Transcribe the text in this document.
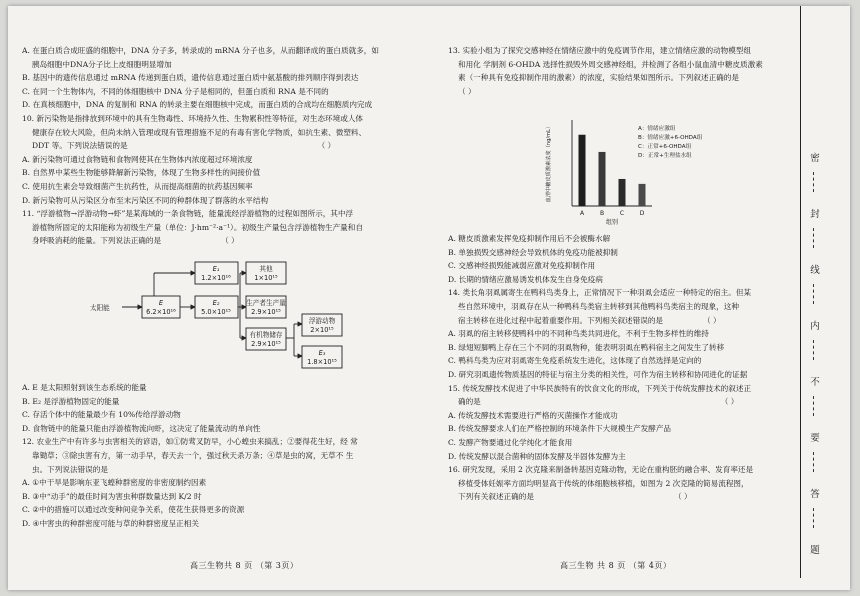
A. 在蛋白质合成旺盛的细胞中，DNA 分子多，转录成的 mRNA 分子也多，从而翻译成的蛋白质就多，如
胰岛细胞中DNA分子比上皮细胞明显增加
B. 基因中的遗传信息通过 mRNA 传递到蛋白质，遗传信息通过蛋白质中氨基酸的排列顺序得到表达
C. 在同一个生物体内，不同的体细胞核中 DNA 分子是相同的，但蛋白质和 RNA 是不同的
D. 在真核细胞中，DNA 的复制和 RNA 的转录主要在细胞核中完成，而蛋白质的合成均在细胞质内完成
10. 新污染物是指排放到环境中的具有生物毒性、环境持久性、生物累积性等特征，对生态环境或人体
健康存在较大风险，但尚未纳入管理或现有管理措施不足的有毒有害化学物质，如抗生素、微塑料、
DDT 等。下列说法错误的是	（ ）
A. 新污染物可通过食物链和食物网使其在生物体内浓度超过环境浓度
B. 自然界中某些生物能够降解新污染物，体现了生物多样性的间接价值
C. 使用抗生素会导致细菌产生抗药性，从而提高细菌的抗药基因频率
D. 新污染物可从污染区分布至末污染区不同的种群体现了群落的水平结构
11. “浮游植物→浮游动物→虾”是某海域的一条食物链，能量流经浮游植物的过程如图所示，其中浮
游植物所固定的太阳能称为初级生产量（单位：J·hm⁻²·a⁻¹）。初级生产量包含浮游植物生产量和自
身呼吸消耗的能量。下列说法正确的是	（ ）
太阳能
E
6.2×10¹⁶
E₁
1.2×10¹⁶
E₂
5.0×10¹⁵
其他
1×10¹⁵
生产者生产量
2.9×10¹⁵
有机物储存
2.9×10¹⁵
浮游动物
2×10¹⁵
E₃
1.8×10¹⁵
A. E 是太阳照射到该生态系统的能量
B. E₂ 是浮游植物固定的能量
C. 存活个体中的能量最少有 10%传给浮游动物
D. 食物链中的能量只能由浮游植物流向虾，这决定了能量流动的单向性
12. 农业生产中有许多与虫害相关的谚语，如①防莺叉防早，小心蝗虫来搞乱；②要得花生好，经 常
靠锄草；③除虫害有方，第一动手早，春天去一个，强过秋天杀万条；④草是虫的窝，无草不 生
虫。下列说法错误的是
A. ①中干旱是影响东亚飞蝗种群密度的非密度制约因素
B. ③中“动手”的最佳时间为害虫种群数量达到 K/2 时
C. ②中的措施可以通过改变种间竞争关系，使花生获得更多的资源
D. ④中害虫的种群密度可能与草的种群密度呈正相关
高三生物共 8 页 （第 3页）
13. 实验小组为了探究交感神经在情绪应激中的免疫调节作用，建立情绪应激的动物模型组
和用化 学制剂 6-OHDA 选择性损毁外周交感神经组，并检测了各组小鼠血清中糖皮质激素
素（一种具有免疫抑制作用的激素）的浓度，实验结果如图所示。下列叙述正确的是
（ ）
A	B	C	D
组别
血清中糖皮质激素浓度（ng/mL）	A：情绪应激组
B：情绪应激+6-OHDA组
C：正常+6-OHDA组
D：正常+生理盐水组
A. 糖皮质激素发挥免疫抑制作用后不会被酶水解
B. 单独损毁交感神经会导致机体的免疫功能被抑制
C. 交感神经损毁能减弱应激对免疫抑制作用
D. 长期的情绪应激易诱发机体发生自身免疫病
14. 类长角羽虱属寄生在鸭科鸟类身上，正常情况下一种羽虱会适应一种特定的宿主。但某
些自然环境中，羽虱存在从一种鸭科鸟类宿主转移到其他鸭科鸟类宿主的现象，这种
宿主转移在进化过程中起着重要作用。下列相关叙述错误的是	（ ）
A. 羽虱的宿主转移使鸭科中的不同种鸟类共同进化，不利于生物多样性的维持
B. 绿翅短脚鸭上存在三个不同的羽虱物种，能表明羽虱在鸭科宿主之间发生了转移
C. 鸭科鸟类为应对羽虱寄生免疫系统发生进化，这体现了自然选择是定向的
D. 研究羽虱遗传物质基因的特征与宿主分类的相关性，可作为宿主转移和协同进化的证据
15. 传统发酵技术促进了中华民族特有的饮食文化的形成，下列关于传统发酵技术的叙述正
确的是	（ ）
A. 传统发酵技术需要进行严格的灭菌操作才能成功
B. 传统发酵要求人们在严格控制的环境条件下大规模生产发酵产品
C. 发酵产物要通过化学纯化才能食用
D. 传统发酵以混合菌种的固体发酵及半固体发酵为主
16. 研究发现，采用 2 次克隆来制备转基因克隆动物，无论在重构胚的融合率、发育率还是
移植受体妊娠率方面均明显高于传统的体细胞核移植，如图为 2 次克隆的简易流程图，
下列有关叙述正确的是	（ ）
高三生物 共 8 页 （第 4页）
密
封
线
内
不
要
答
题
